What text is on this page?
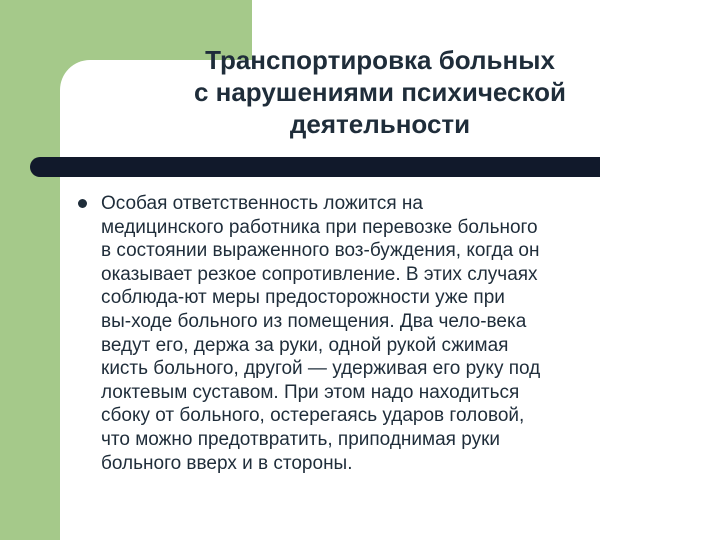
Транспортировка больных
с нарушениями психической
деятельности
Особая ответственность ложится на
медицинского работника при перевозке больного
в состоянии выраженного воз-буждения, когда он
оказывает резкое сопротивление. В этих случаях
соблюда-ют меры предосторожности уже при
вы-ходе больного из помещения. Два чело-века
ведут его, держа за руки, одной рукой сжимая
кисть больного, другой — удерживая его руку под
локтевым суставом. При этом надо находиться
сбоку от больного, остерегаясь ударов головой,
что можно предотвратить, приподнимая руки
больного вверх и в стороны.
